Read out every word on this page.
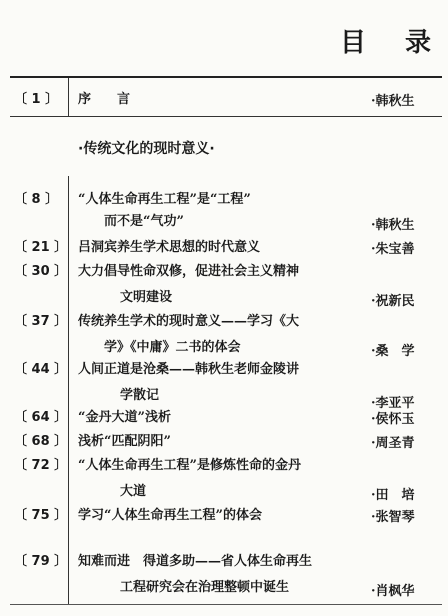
目 录
〔 1 〕	序　　言	·韩秋生
·传统文化的现时意义·
〔 8 〕	“人体生命再生工程”是“工程”
而不是“气功”	·韩秋生
〔 21 〕 吕洞宾养生学术思想的时代意义	·朱宝善
〔 30 〕 大力倡导性命双修，促进社会主义精神
文明建设	·祝新民
〔 37 〕 传统养生学术的现时意义——学习《大
学》《中庸》二书的体会	·桑　学
〔 44 〕 人间正道是沧桑——韩秋生老师金陵讲
学散记
·李亚平
〔 64 〕 “金丹大道”浅析	·侯怀玉
〔 68 〕 浅析“匹配阴阳”	·周圣青
〔 72 〕 “人体生命再生工程”是修炼性命的金丹
大道	·田　培
〔 75 〕 学习“人体生命再生工程”的体会	·张智琴
〔 79 〕 知难而进　得道多助——省人体生命再生
工程研究会在治理整顿中诞生	·肖枫华
